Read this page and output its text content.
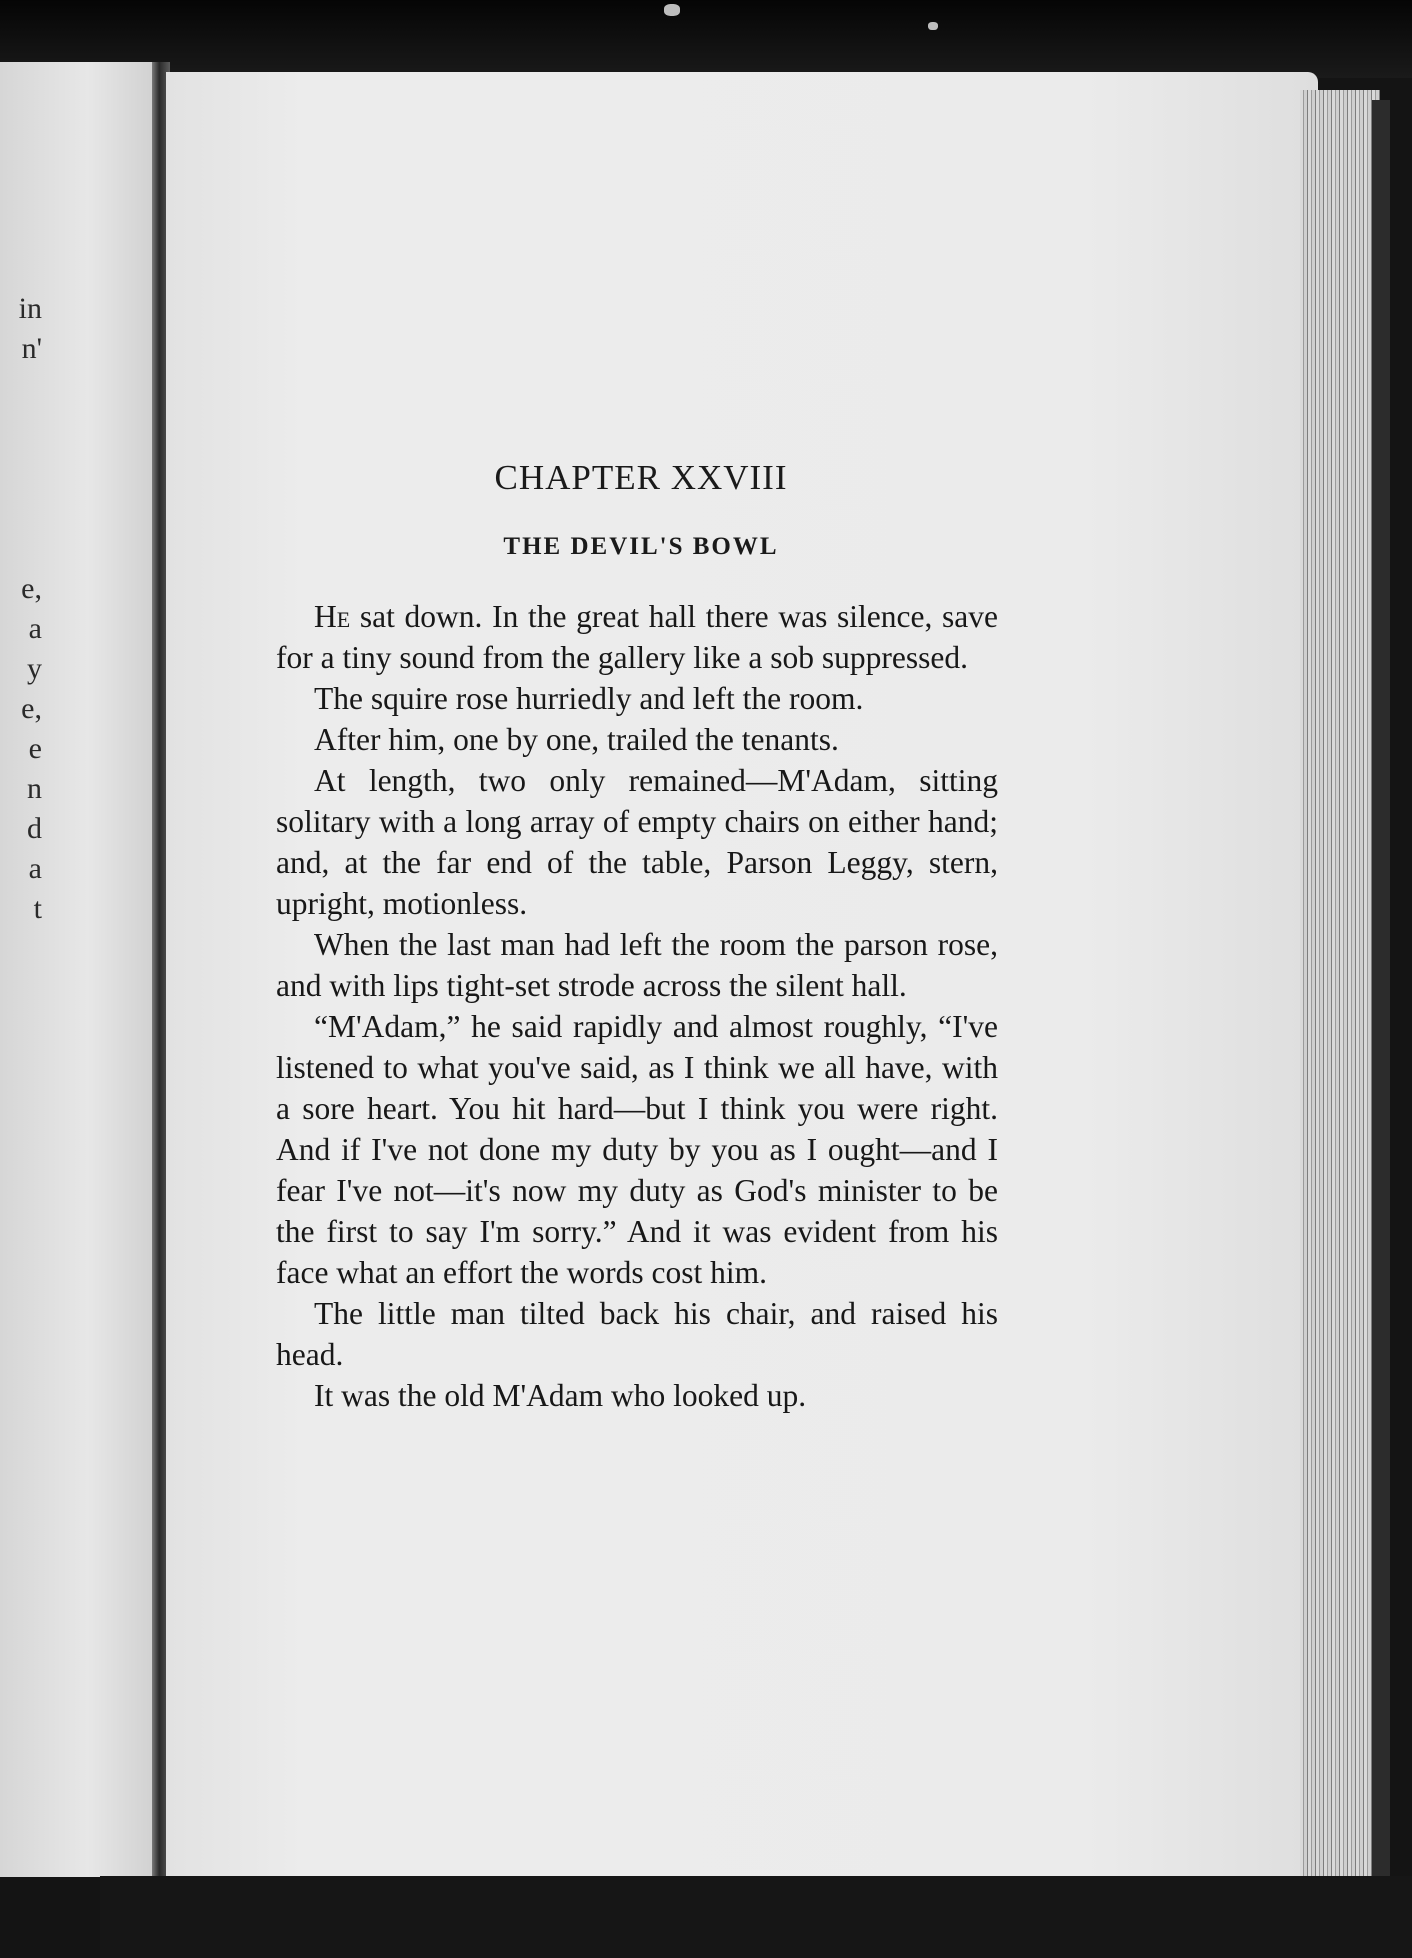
in
n'
e,
a
y
e,
e
n
d
a
t
CHAPTER XXVIII
THE DEVIL'S BOWL

He sat down. In the great hall there was silence, save for a tiny sound from the gallery like a sob suppressed.

The squire rose hurriedly and left the room.

After him, one by one, trailed the tenants.

At length, two only remained—M'Adam, sitting solitary with a long array of empty chairs on either hand; and, at the far end of the table, Parson Leggy, stern, upright, motionless.

When the last man had left the room the parson rose, and with lips tight-set strode across the silent hall.

“M'Adam,” he said rapidly and almost roughly, “I've listened to what you've said, as I think we all have, with a sore heart. You hit hard—but I think you were right. And if I've not done my duty by you as I ought—and I fear I've not—it's now my duty as God's minister to be the first to say I'm sorry.” And it was evident from his face what an effort the words cost him.

The little man tilted back his chair, and raised his head.

It was the old M'Adam who looked up.
